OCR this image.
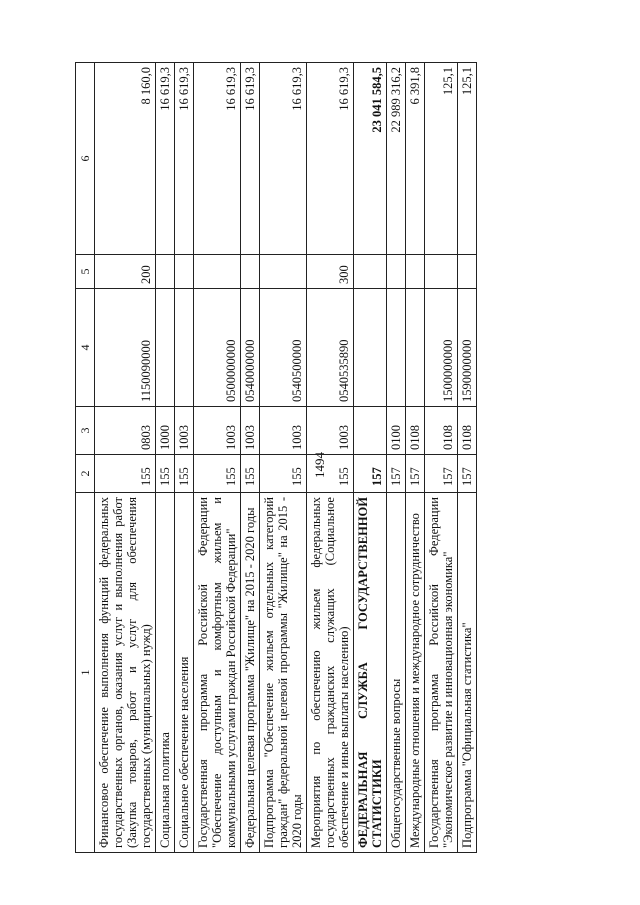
1494
1	2	3	4	5	6
Финансовое обеспечение выполнения функций федеральных государственных органов, оказания услуг и выполнения работ (Закупка товаров, работ и услуг для обеспечения государственных (муниципальных) нужд)	155	0803	1150090000	200	8 160,0
Социальная политика	155	1000			16 619,3
Социальное обеспечение населения	155	1003			16 619,3
Государственная программа Российской Федерации "Обеспечение доступным и комфортным жильем и коммунальными услугами граждан Российской Федерации"	155	1003	0500000000		16 619,3
Федеральная целевая программа "Жилище" на 2015 - 2020 годы	155	1003	0540000000		16 619,3
Подпрограмма "Обеспечение жильем отдельных категорий граждан" федеральной целевой программы "Жилище" на 2015 - 2020 годы	155	1003	0540500000		16 619,3
Мероприятия по обеспечению жильем федеральных государственных гражданских служащих (Социальное обеспечение и иные выплаты населению)	155	1003	0540535890	300	16 619,3
ФЕДЕРАЛЬНАЯ СЛУЖБА ГОСУДАРСТВЕННОЙ СТАТИСТИКИ	157				23 041 584,5
Общегосударственные вопросы	157	0100			22 989 316,2
Международные отношения и международное сотрудничество	157	0108			6 391,8
Государственная программа Российской Федерации "Экономическое развитие и инновационная экономика"	157	0108	1500000000		125,1
Подпрограмма "Официальная статистика"	157	0108	1590000000		125,1
